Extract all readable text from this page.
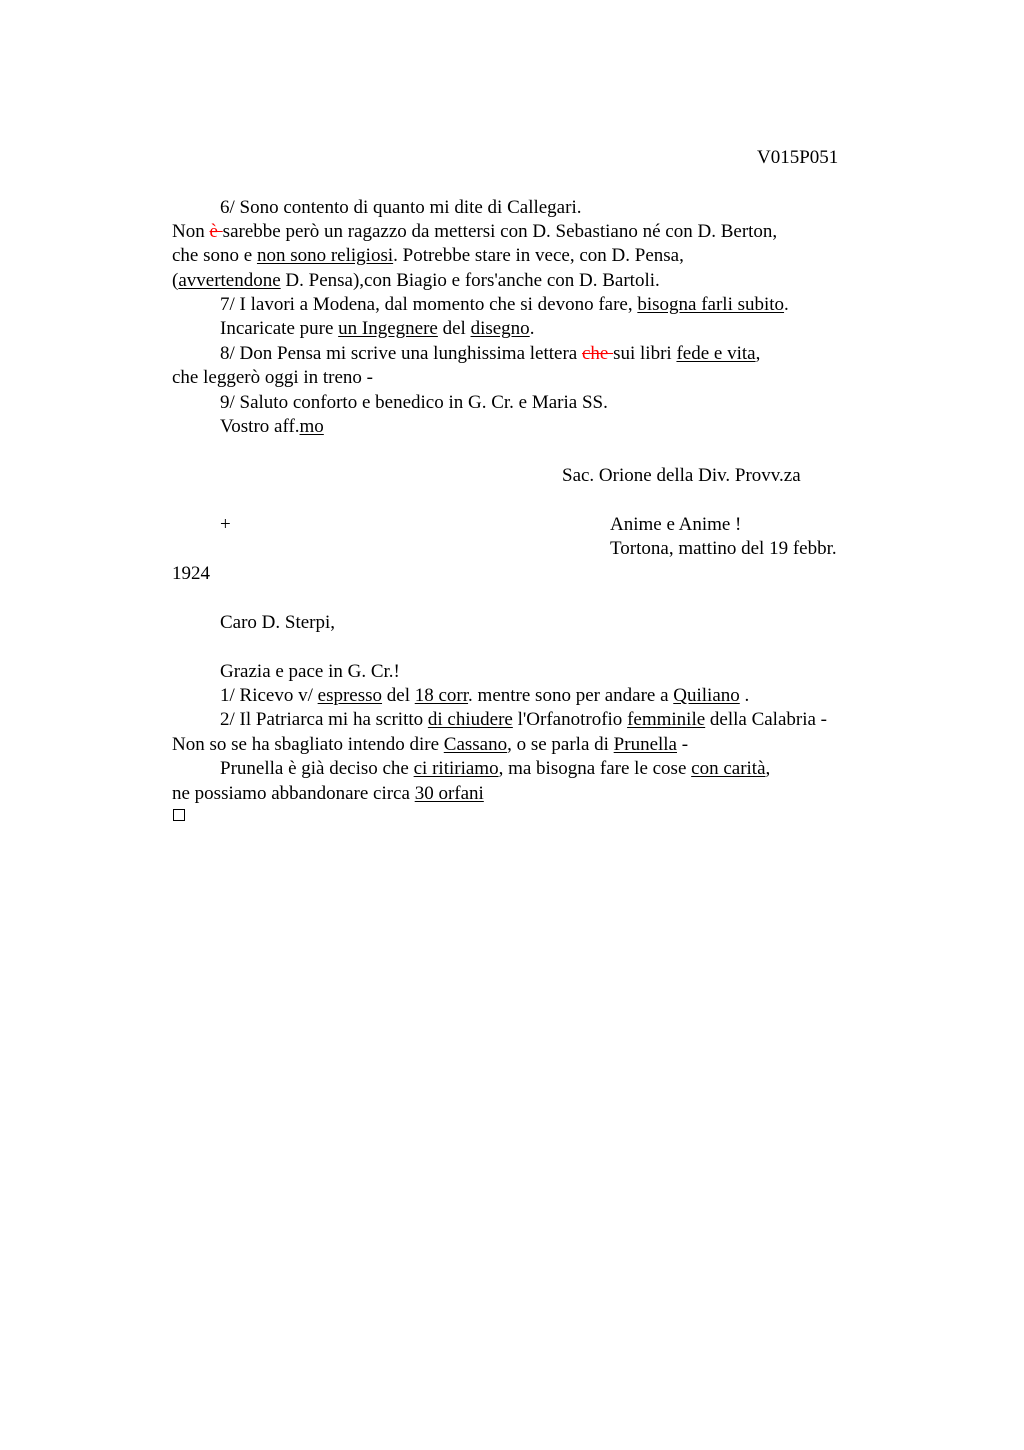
V015P051
6/ Sono contento di quanto mi dite di Callegari.
Non è sarebbe però un ragazzo da mettersi con D. Sebastiano né con D. Berton,
che sono e non sono religiosi. Potrebbe stare in vece, con D. Pensa,
(avvertendone D. Pensa),con Biagio e fors'anche con D. Bartoli.
7/ I lavori a Modena, dal momento che si devono fare, bisogna farli subito.
Incaricate pure un Ingegnere del disegno.
8/ Don Pensa mi scrive una lunghissima lettera che sui libri fede e vita,
che leggerò oggi in treno -
9/ Saluto conforto e benedico in G. Cr. e Maria SS.
Vostro aff.mo
Sac. Orione della Div. Provv.za
+	Anime e Anime !
Tortona, mattino del 19 febbr.
1924
Caro D. Sterpi,
Grazia e pace in G. Cr.!
1/ Ricevo v/ espresso del 18 corr. mentre sono per andare a Quiliano .
2/ Il Patriarca mi ha scritto di chiudere l'Orfanotrofio femminile della Calabria -
Non so se ha sbagliato intendo dire Cassano, o se parla di Prunella -
Prunella è già deciso che ci ritiriamo, ma bisogna fare le cose con carità,
ne possiamo abbandonare circa 30 orfani
